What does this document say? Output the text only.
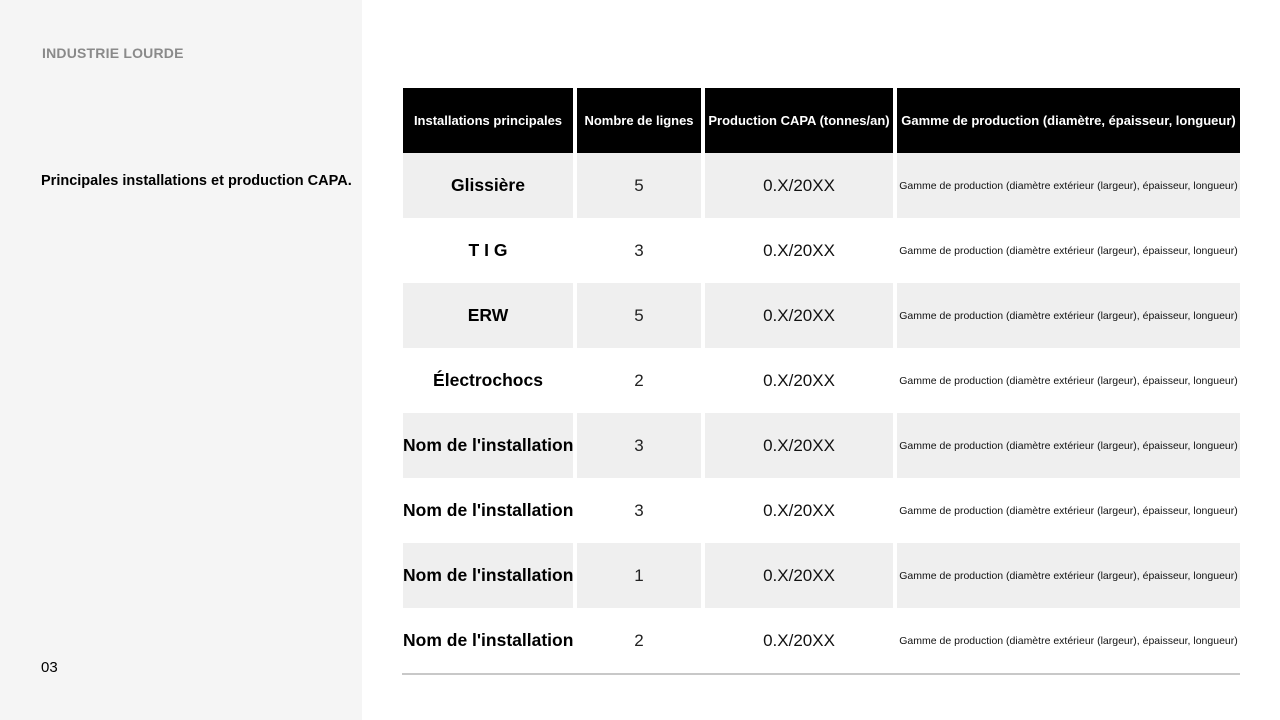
INDUSTRIE LOURDE
Principales installations et production CAPA.
03
Installations principales	Nombre de lignes	Production CAPA (tonnes/an)	Gamme de production (diamètre, épaisseur, longueur)
Glissière	5	0.X/20XX	Gamme de production (diamètre extérieur (largeur), épaisseur, longueur)
T I G	3	0.X/20XX	Gamme de production (diamètre extérieur (largeur), épaisseur, longueur)
ERW	5	0.X/20XX	Gamme de production (diamètre extérieur (largeur), épaisseur, longueur)
Électrochocs	2	0.X/20XX	Gamme de production (diamètre extérieur (largeur), épaisseur, longueur)
Nom de l'installation	3	0.X/20XX	Gamme de production (diamètre extérieur (largeur), épaisseur, longueur)
Nom de l'installation	3	0.X/20XX	Gamme de production (diamètre extérieur (largeur), épaisseur, longueur)
Nom de l'installation	1	0.X/20XX	Gamme de production (diamètre extérieur (largeur), épaisseur, longueur)
Nom de l'installation	2	0.X/20XX	Gamme de production (diamètre extérieur (largeur), épaisseur, longueur)
